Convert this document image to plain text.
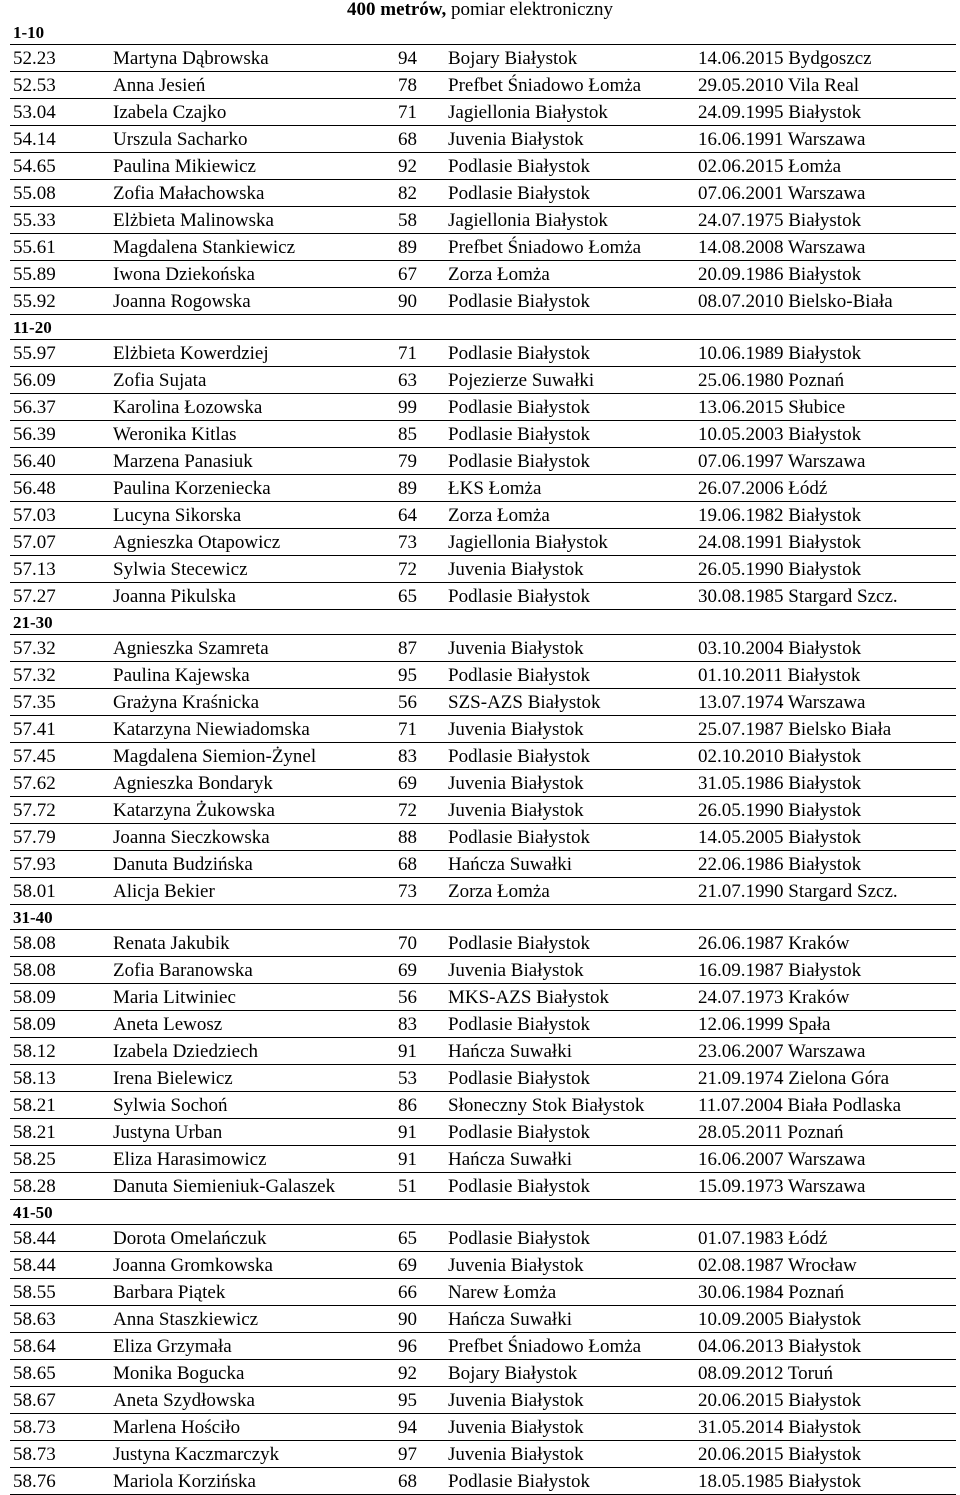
400 metrów, pomiar elektroniczny
1-10				
52.23	Martyna Dąbrowska	94	Bojary Białystok	14.06.2015 Bydgoszcz
52.53	Anna Jesień	78	Prefbet Śniadowo Łomża	29.05.2010 Vila Real
53.04	Izabela Czajko	71	Jagiellonia Białystok	24.09.1995 Białystok
54.14	Urszula Sacharko	68	Juvenia Białystok	16.06.1991 Warszawa
54.65	Paulina Mikiewicz	92	Podlasie Białystok	02.06.2015 Łomża
55.08	Zofia Małachowska	82	Podlasie Białystok	07.06.2001 Warszawa
55.33	Elżbieta Malinowska	58	Jagiellonia Białystok	24.07.1975 Białystok
55.61	Magdalena Stankiewicz	89	Prefbet Śniadowo Łomża	14.08.2008 Warszawa
55.89	Iwona Dziekońska	67	Zorza Łomża	20.09.1986 Białystok
55.92	Joanna Rogowska	90	Podlasie Białystok	08.07.2010 Bielsko-Biała
11-20				
55.97	Elżbieta Kowerdziej	71	Podlasie Białystok	10.06.1989 Białystok
56.09	Zofia Sujata	63	Pojezierze Suwałki	25.06.1980 Poznań
56.37	Karolina Łozowska	99	Podlasie Białystok	13.06.2015 Słubice
56.39	Weronika Kitlas	85	Podlasie Białystok	10.05.2003 Białystok
56.40	Marzena Panasiuk	79	Podlasie Białystok	07.06.1997 Warszawa
56.48	Paulina Korzeniecka	89	ŁKS Łomża	26.07.2006 Łódź
57.03	Lucyna Sikorska	64	Zorza Łomża	19.06.1982 Białystok
57.07	Agnieszka Otapowicz	73	Jagiellonia Białystok	24.08.1991 Białystok
57.13	Sylwia Stecewicz	72	Juvenia Białystok	26.05.1990 Białystok
57.27	Joanna Pikulska	65	Podlasie Białystok	30.08.1985 Stargard Szcz.
21-30				
57.32	Agnieszka Szamreta	87	Juvenia Białystok	03.10.2004 Białystok
57.32	Paulina Kajewska	95	Podlasie Białystok	01.10.2011 Białystok
57.35	Grażyna Kraśnicka	56	SZS-AZS Białystok	13.07.1974 Warszawa
57.41	Katarzyna Niewiadomska	71	Juvenia Białystok	25.07.1987 Bielsko Biała
57.45	Magdalena Siemion-Żynel	83	Podlasie Białystok	02.10.2010 Białystok
57.62	Agnieszka Bondaryk	69	Juvenia Białystok	31.05.1986 Białystok
57.72	Katarzyna Żukowska	72	Juvenia Białystok	26.05.1990 Białystok
57.79	Joanna Sieczkowska	88	Podlasie Białystok	14.05.2005 Białystok
57.93	Danuta Budzińska	68	Hańcza Suwałki	22.06.1986 Białystok
58.01	Alicja Bekier	73	Zorza Łomża	21.07.1990 Stargard Szcz.
31-40				
58.08	Renata Jakubik	70	Podlasie Białystok	26.06.1987 Kraków
58.08	Zofia Baranowska	69	Juvenia Białystok	16.09.1987 Białystok
58.09	Maria Litwiniec	56	MKS-AZS Białystok	24.07.1973 Kraków
58.09	Aneta Lewosz	83	Podlasie Białystok	12.06.1999 Spała
58.12	Izabela Dziedziech	91	Hańcza Suwałki	23.06.2007 Warszawa
58.13	Irena Bielewicz	53	Podlasie Białystok	21.09.1974 Zielona Góra
58.21	Sylwia Sochoń	86	Słoneczny Stok Białystok	11.07.2004 Biała Podlaska
58.21	Justyna Urban	91	Podlasie Białystok	28.05.2011 Poznań
58.25	Eliza Harasimowicz	91	Hańcza Suwałki	16.06.2007 Warszawa
58.28	Danuta Siemieniuk-Galaszek	51	Podlasie Białystok	15.09.1973 Warszawa
41-50				
58.44	Dorota Omelańczuk	65	Podlasie Białystok	01.07.1983 Łódź
58.44	Joanna Gromkowska	69	Juvenia Białystok	02.08.1987 Wrocław
58.55	Barbara Piątek	66	Narew Łomża	30.06.1984 Poznań
58.63	Anna Staszkiewicz	90	Hańcza Suwałki	10.09.2005 Białystok
58.64	Eliza Grzymała	96	Prefbet Śniadowo Łomża	04.06.2013 Białystok
58.65	Monika Bogucka	92	Bojary Białystok	08.09.2012 Toruń
58.67	Aneta Szydłowska	95	Juvenia Białystok	20.06.2015 Białystok
58.73	Marlena Hościło	94	Juvenia Białystok	31.05.2014 Białystok
58.73	Justyna Kaczmarczyk	97	Juvenia Białystok	20.06.2015 Białystok
58.76	Mariola Korzińska	68	Podlasie Białystok	18.05.1985 Białystok
